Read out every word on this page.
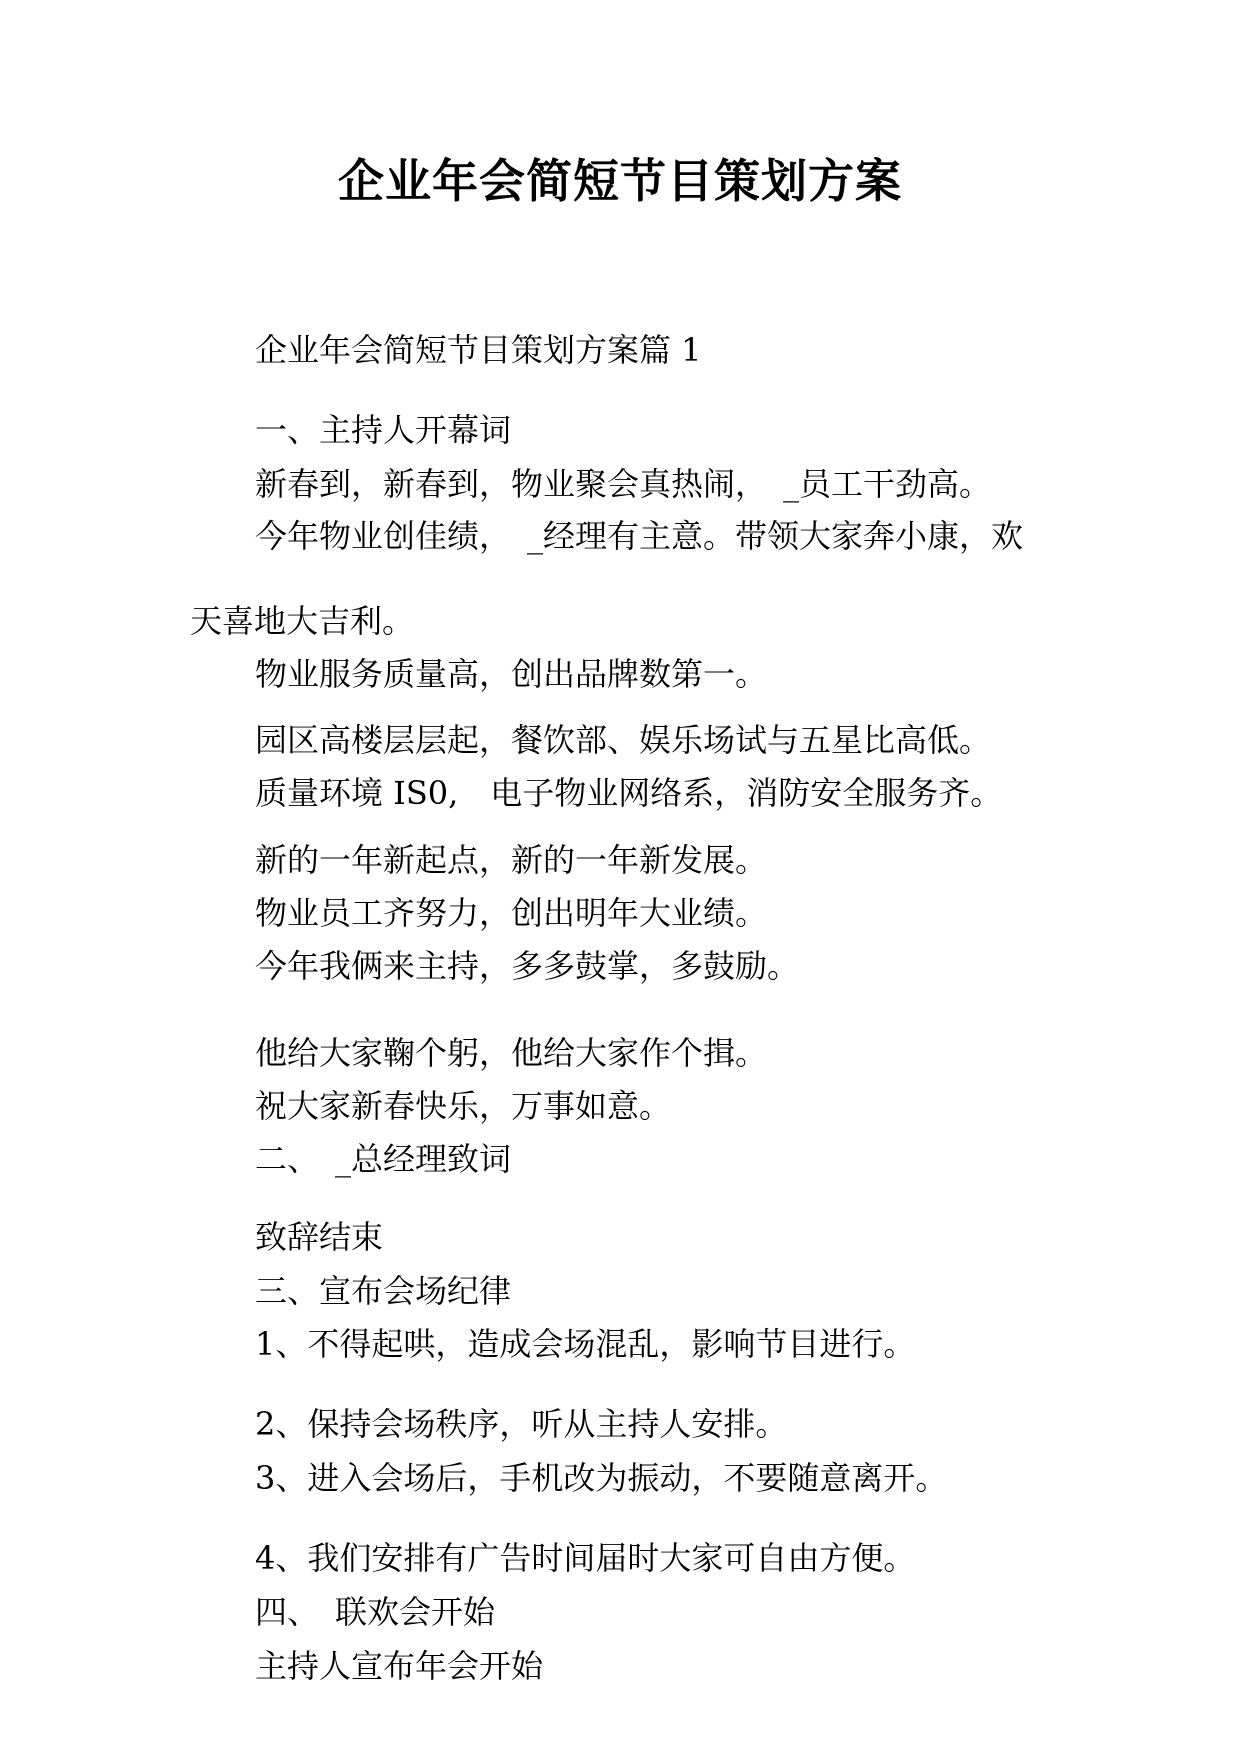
企业年会简短节目策划方案

企业年会简短节目策划方案篇 1

一、主持人开幕词

新春到，新春到，物业聚会真热闹，　_员工干劲高。

今年物业创佳绩，　_经理有主意。带领大家奔小康，欢

天喜地大吉利。

物业服务质量高，创出品牌数第一。

园区高楼层层起，餐饮部、娱乐场试与五星比高低。

质量环境 IS0,　电子物业网络系，消防安全服务齐。

新的一年新起点，新的一年新发展。

物业员工齐努力，创出明年大业绩。

今年我俩来主持，多多鼓掌，多鼓励。

他给大家鞠个躬，他给大家作个揖。

祝大家新春快乐，万事如意。

二、　_总经理致词

致辞结束

三、宣布会场纪律

1、不得起哄，造成会场混乱，影响节目进行。

2、保持会场秩序，听从主持人安排。

3、进入会场后，手机改为振动，不要随意离开。

4、我们安排有广告时间届时大家可自由方便。

四、　联欢会开始

主持人宣布年会开始
